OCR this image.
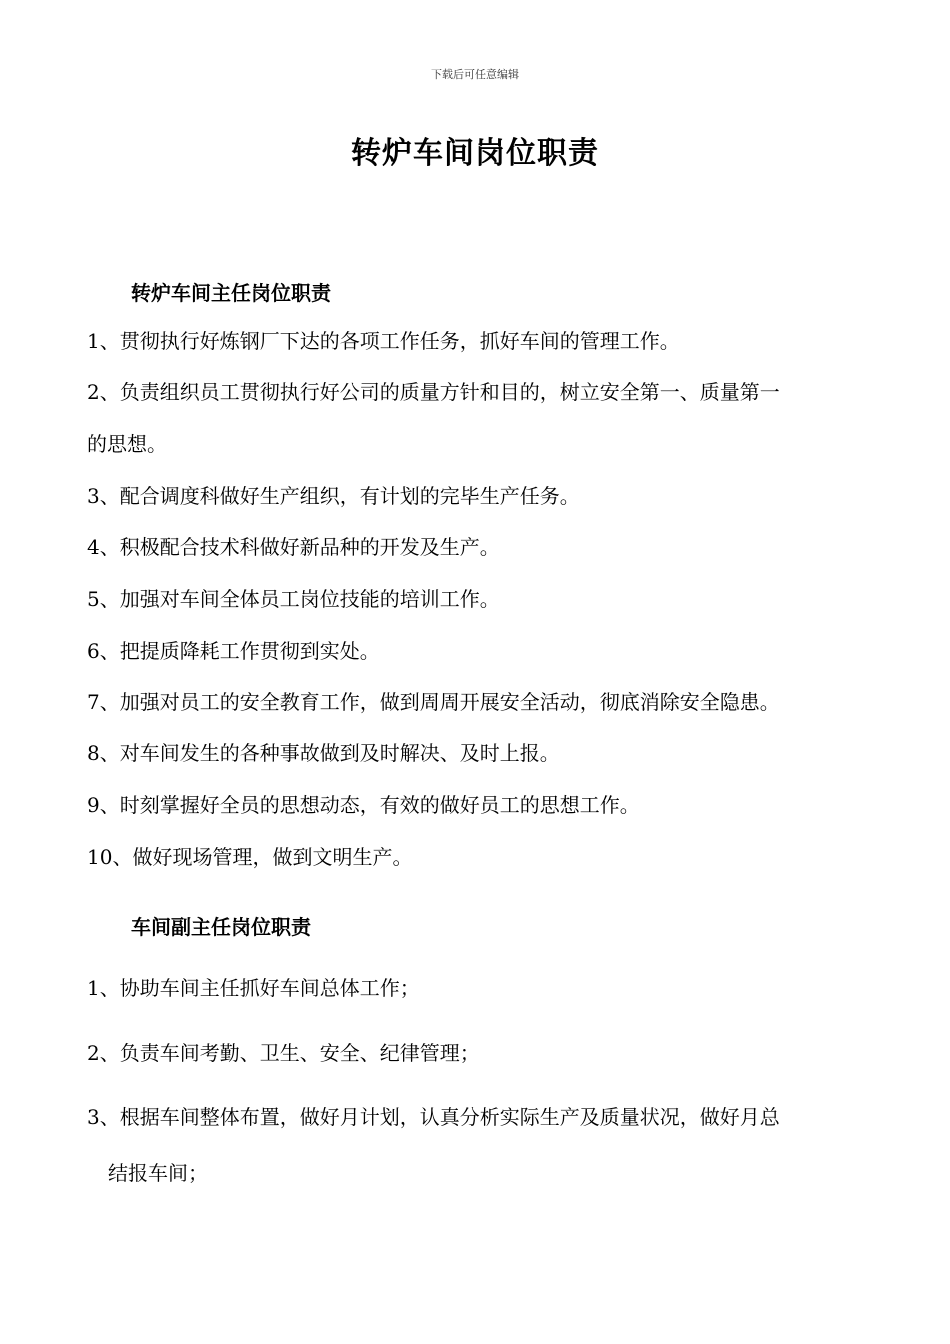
下载后可任意编辑
转炉车间岗位职责
转炉车间主任岗位职责
1、贯彻执行好炼钢厂下达的各项工作任务，抓好车间的管理工作。
2、负责组织员工贯彻执行好公司的质量方针和目的，树立安全第一、质量第一
的思想。
3、配合调度科做好生产组织，有计划的完毕生产任务。
4、积极配合技术科做好新品种的开发及生产。
5、加强对车间全体员工岗位技能的培训工作。
6、把提质降耗工作贯彻到实处。
7、加强对员工的安全教育工作，做到周周开展安全活动，彻底消除安全隐患。
8、对车间发生的各种事故做到及时解决、及时上报。
9、时刻掌握好全员的思想动态，有效的做好员工的思想工作。
10、做好现场管理，做到文明生产。
车间副主任岗位职责
1、协助车间主任抓好车间总体工作；
2、负责车间考勤、卫生、安全、纪律管理；
3、根据车间整体布置，做好月计划，认真分析实际生产及质量状况，做好月总
结报车间；
